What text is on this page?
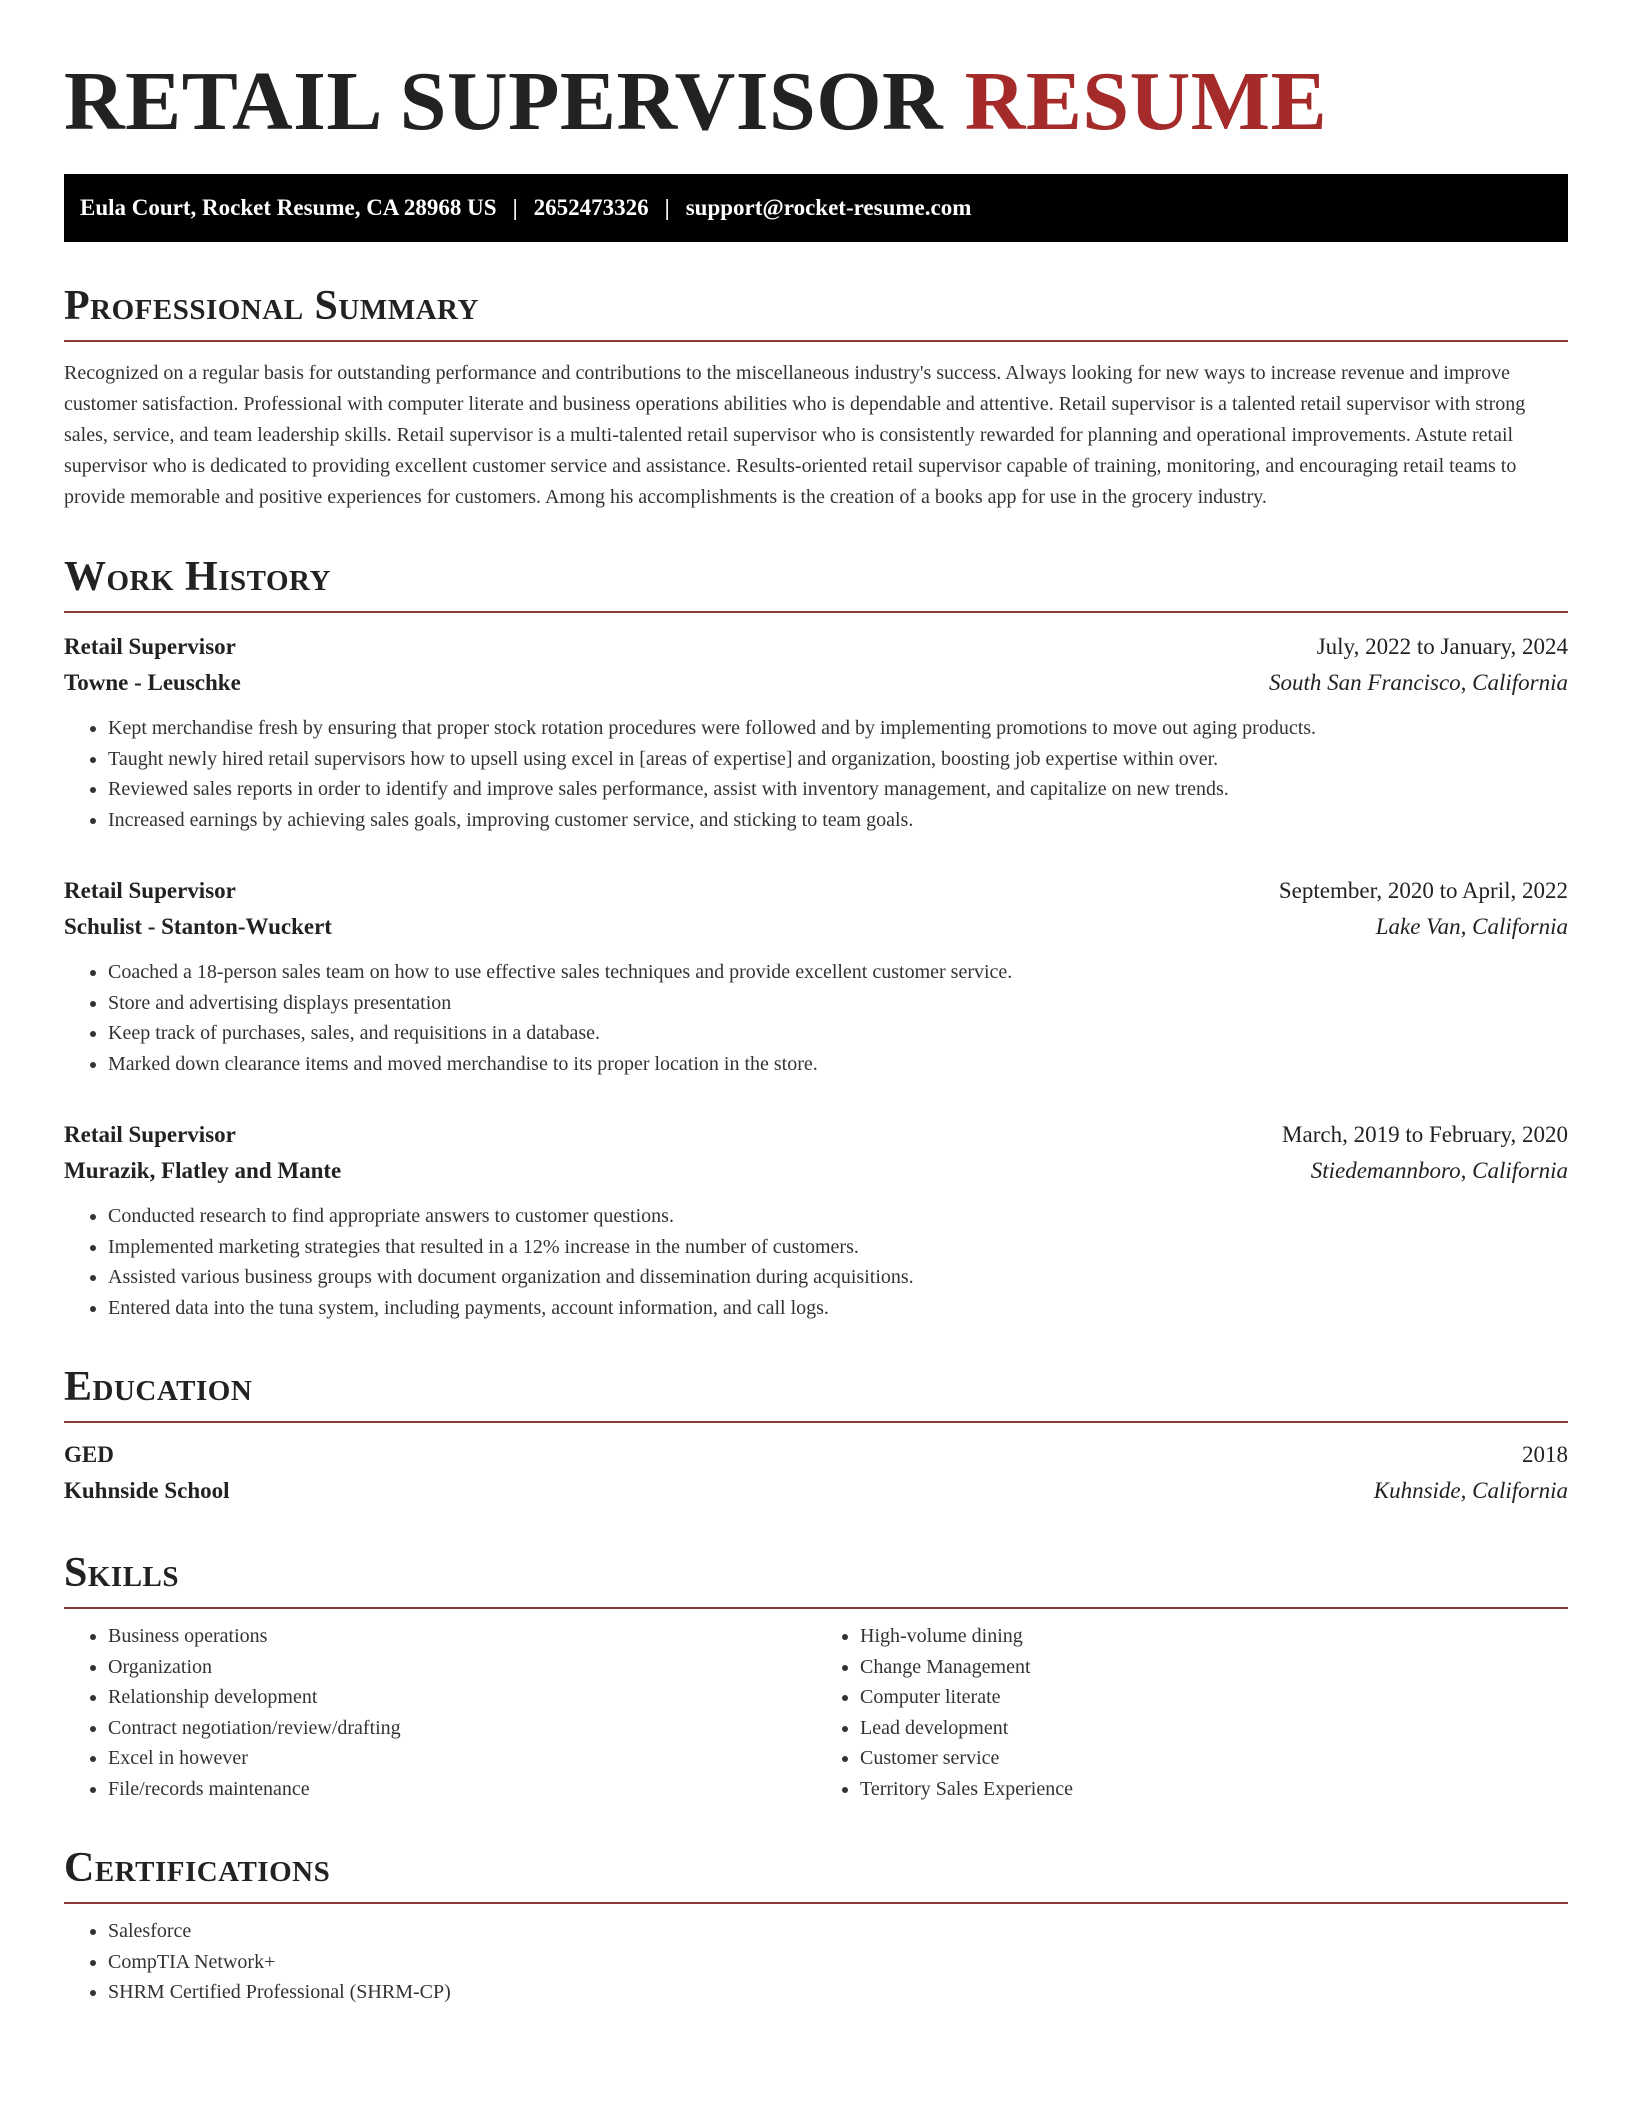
RETAIL SUPERVISOR RESUME
Eula Court, Rocket Resume, CA 28968 US | 2652473326 | support@rocket-resume.com
Professional Summary
Recognized on a regular basis for outstanding performance and contributions to the miscellaneous industry's success. Always looking for new ways to increase revenue and improve customer satisfaction. Professional with computer literate and business operations abilities who is dependable and attentive. Retail supervisor is a talented retail supervisor with strong sales, service, and team leadership skills. Retail supervisor is a multi-talented retail supervisor who is consistently rewarded for planning and operational improvements. Astute retail supervisor who is dedicated to providing excellent customer service and assistance. Results-oriented retail supervisor capable of training, monitoring, and encouraging retail teams to provide memorable and positive experiences for customers. Among his accomplishments is the creation of a books app for use in the grocery industry.
Work History
Retail Supervisor	July, 2022 to January, 2024
Towne - Leuschke	South San Francisco, California
• Kept merchandise fresh by ensuring that proper stock rotation procedures were followed and by implementing promotions to move out aging products.
• Taught newly hired retail supervisors how to upsell using excel in [areas of expertise] and organization, boosting job expertise within over.
• Reviewed sales reports in order to identify and improve sales performance, assist with inventory management, and capitalize on new trends.
• Increased earnings by achieving sales goals, improving customer service, and sticking to team goals.
Retail Supervisor	September, 2020 to April, 2022
Schulist - Stanton-Wuckert	Lake Van, California
• Coached a 18-person sales team on how to use effective sales techniques and provide excellent customer service.
• Store and advertising displays presentation
• Keep track of purchases, sales, and requisitions in a database.
• Marked down clearance items and moved merchandise to its proper location in the store.
Retail Supervisor	March, 2019 to February, 2020
Murazik, Flatley and Mante	Stiedemannboro, California
• Conducted research to find appropriate answers to customer questions.
• Implemented marketing strategies that resulted in a 12% increase in the number of customers.
• Assisted various business groups with document organization and dissemination during acquisitions.
• Entered data into the tuna system, including payments, account information, and call logs.
Education
GED	2018
Kuhnside School	Kuhnside, California
Skills
• Business operations
• Organization
• Relationship development
• Contract negotiation/review/drafting
• Excel in however
• File/records maintenance
• High-volume dining
• Change Management
• Computer literate
• Lead development
• Customer service
• Territory Sales Experience
Certifications
• Salesforce
• CompTIA Network+
• SHRM Certified Professional (SHRM-CP)
